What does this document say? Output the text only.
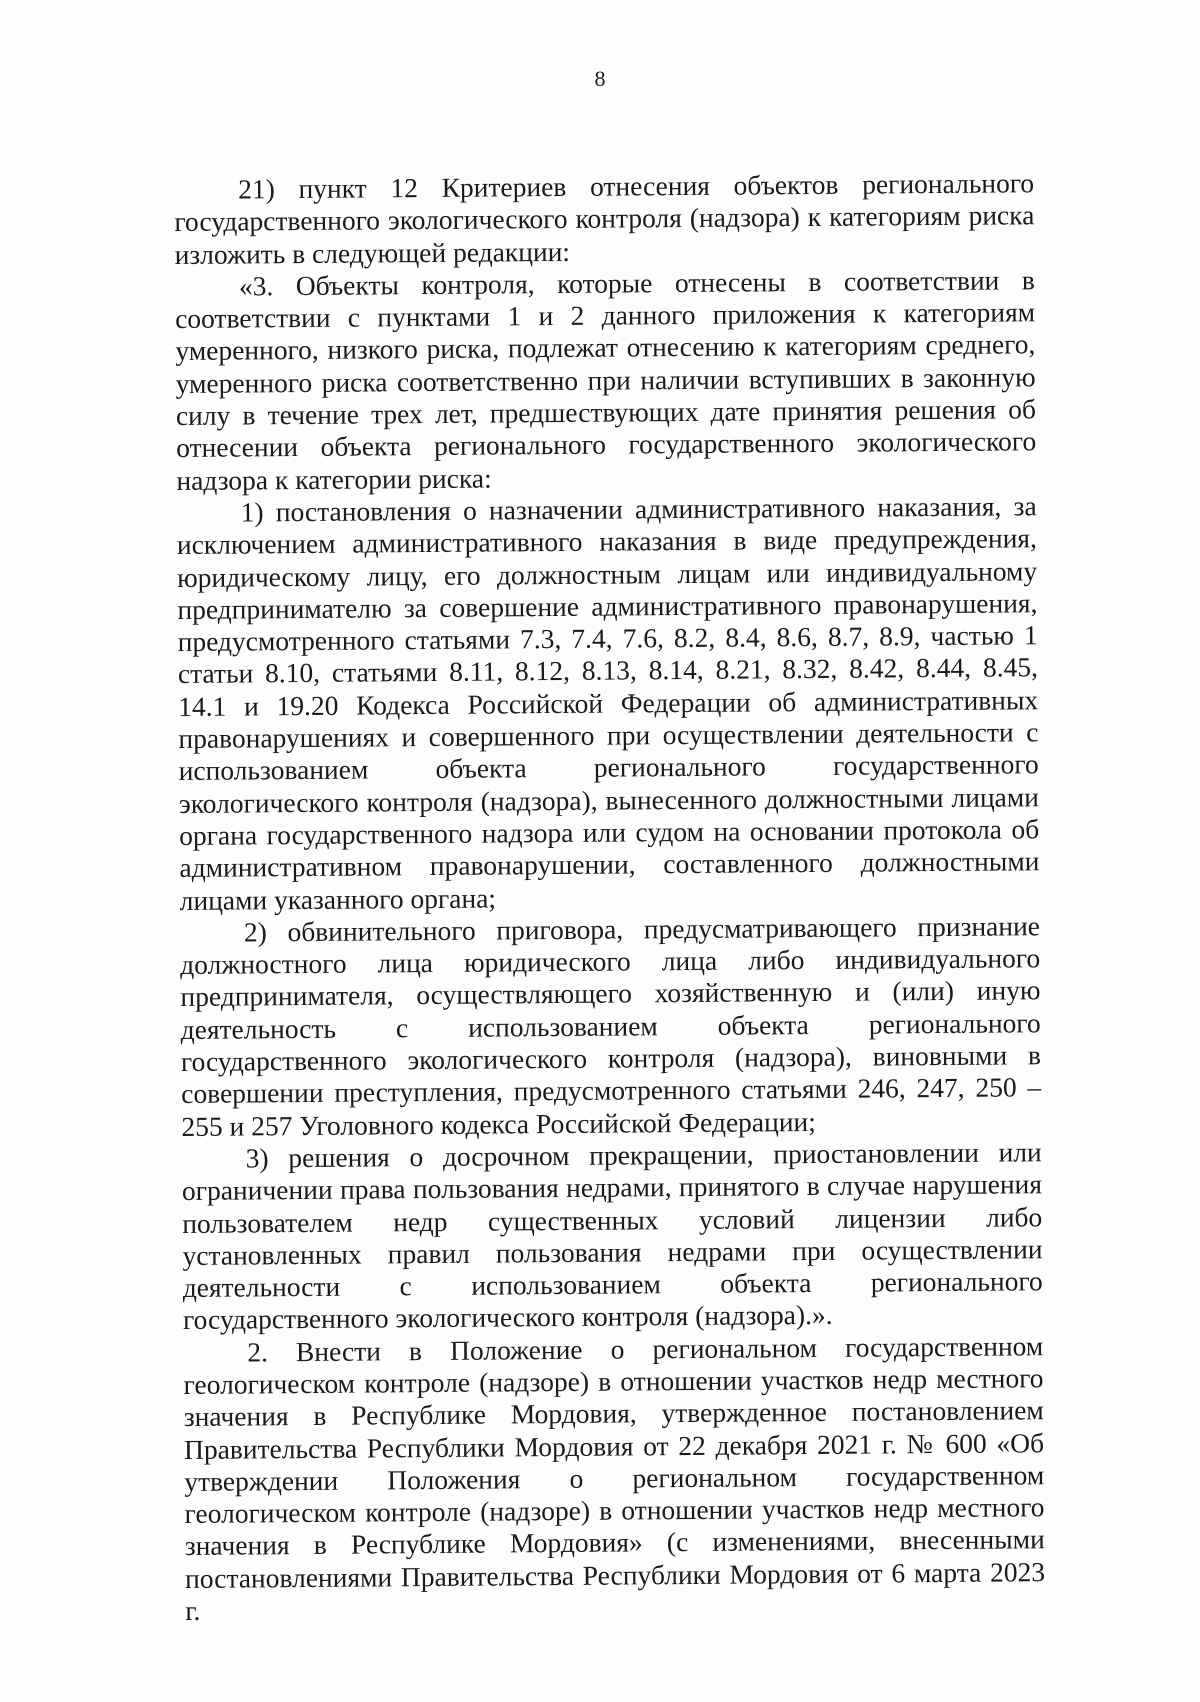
8

21) пункт 12 Критериев отнесения объектов регионального государственного экологического контроля (надзора) к категориям риска изложить в следующей редакции:

«3. Объекты контроля, которые отнесены в соответствии в соответствии с пунктами 1 и 2 данного приложения к категориям умеренного, низкого риска, подлежат отнесению к категориям среднего, умеренного риска соответственно при наличии вступивших в законную силу в течение трех лет, предшествующих дате принятия решения об отнесении объекта регионального государственного экологического надзора к категории риска:

1) постановления о назначении административного наказания, за исключением административного наказания в виде предупреждения, юридическому лицу, его должностным лицам или индивидуальному предпринимателю за совершение административного правонарушения, предусмотренного статьями 7.3, 7.4, 7.6, 8.2, 8.4, 8.6, 8.7, 8.9, частью 1 статьи 8.10, статьями 8.11, 8.12, 8.13, 8.14, 8.21, 8.32, 8.42, 8.44, 8.45, 14.1 и 19.20 Кодекса Российской Федерации об административных правонарушениях и совершенного при осуществлении деятельности с использованием объекта регионального государственного экологического контроля (надзора), вынесенного должностными лицами органа государственного надзора или судом на основании протокола об административном правонарушении, составленного должностными лицами указанного органа;

2) обвинительного приговора, предусматривающего признание должностного лица юридического лица либо индивидуального предпринимателя, осуществляющего хозяйственную и (или) иную деятельность с использованием объекта регионального государственного экологического контроля (надзора), виновными в совершении преступления, предусмотренного статьями 246, 247, 250 – 255 и 257 Уголовного кодекса Российской Федерации;

3) решения о досрочном прекращении, приостановлении или ограничении права пользования недрами, принятого в случае нарушения пользователем недр существенных условий лицензии либо установленных правил пользования недрами при осуществлении деятельности с использованием объекта регионального государственного экологического контроля (надзора).».

2. Внести в Положение о региональном государственном геологическом контроле (надзоре) в отношении участков недр местного значения в Республике Мордовия, утвержденное постановлением Правительства Республики Мордовия от 22 декабря 2021 г. № 600 «Об утверждении Положения о региональном государственном геологическом контроле (надзоре) в отношении участков недр местного значения в Республике Мордовия» (с изменениями, внесенными постановлениями Правительства Республики Мордовия от 6 марта 2023 г.
